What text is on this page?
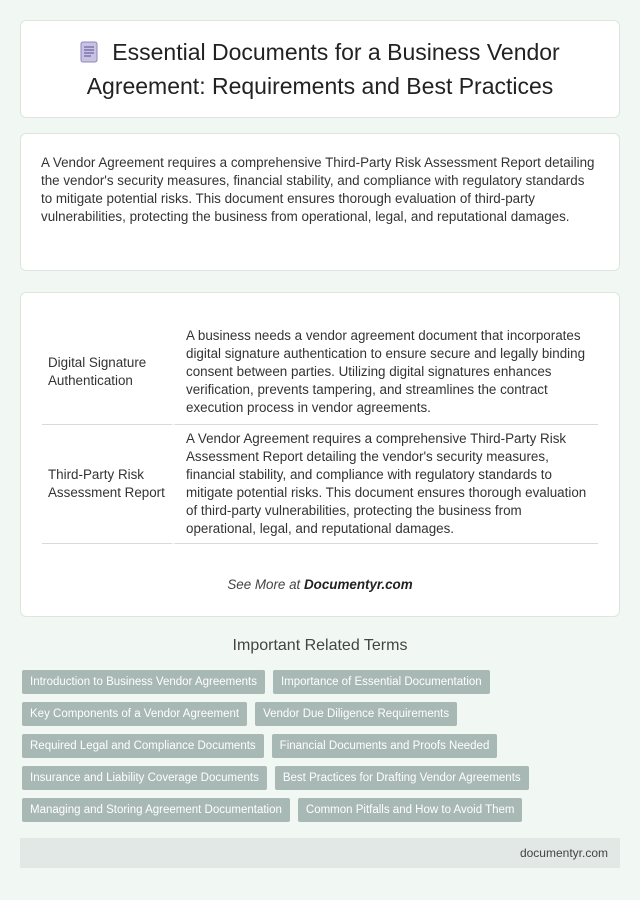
Essential Documents for a Business Vendor Agreement: Requirements and Best Practices

A Vendor Agreement requires a comprehensive Third-Party Risk Assessment Report detailing the vendor's security measures, financial stability, and compliance with regulatory standards to mitigate potential risks. This document ensures thorough evaluation of third-party vulnerabilities, protecting the business from operational, legal, and reputational damages.

Digital Signature Authentication	A business needs a vendor agreement document that incorporates digital signature authentication to ensure secure and legally binding consent between parties. Utilizing digital signatures enhances verification, prevents tampering, and streamlines the contract execution process in vendor agreements.
Third-Party Risk Assessment Report	A Vendor Agreement requires a comprehensive Third-Party Risk Assessment Report detailing the vendor's security measures, financial stability, and compliance with regulatory standards to mitigate potential risks. This document ensures thorough evaluation of third-party vulnerabilities, protecting the business from operational, legal, and reputational damages.
See More at Documentyr.com
Important Related Terms
Introduction to Business Vendor Agreements	Importance of Essential Documentation
Key Components of a Vendor Agreement	Vendor Due Diligence Requirements
Required Legal and Compliance Documents	Financial Documents and Proofs Needed
Insurance and Liability Coverage Documents	Best Practices for Drafting Vendor Agreements
Managing and Storing Agreement Documentation	Common Pitfalls and How to Avoid Them
documentyr.com
